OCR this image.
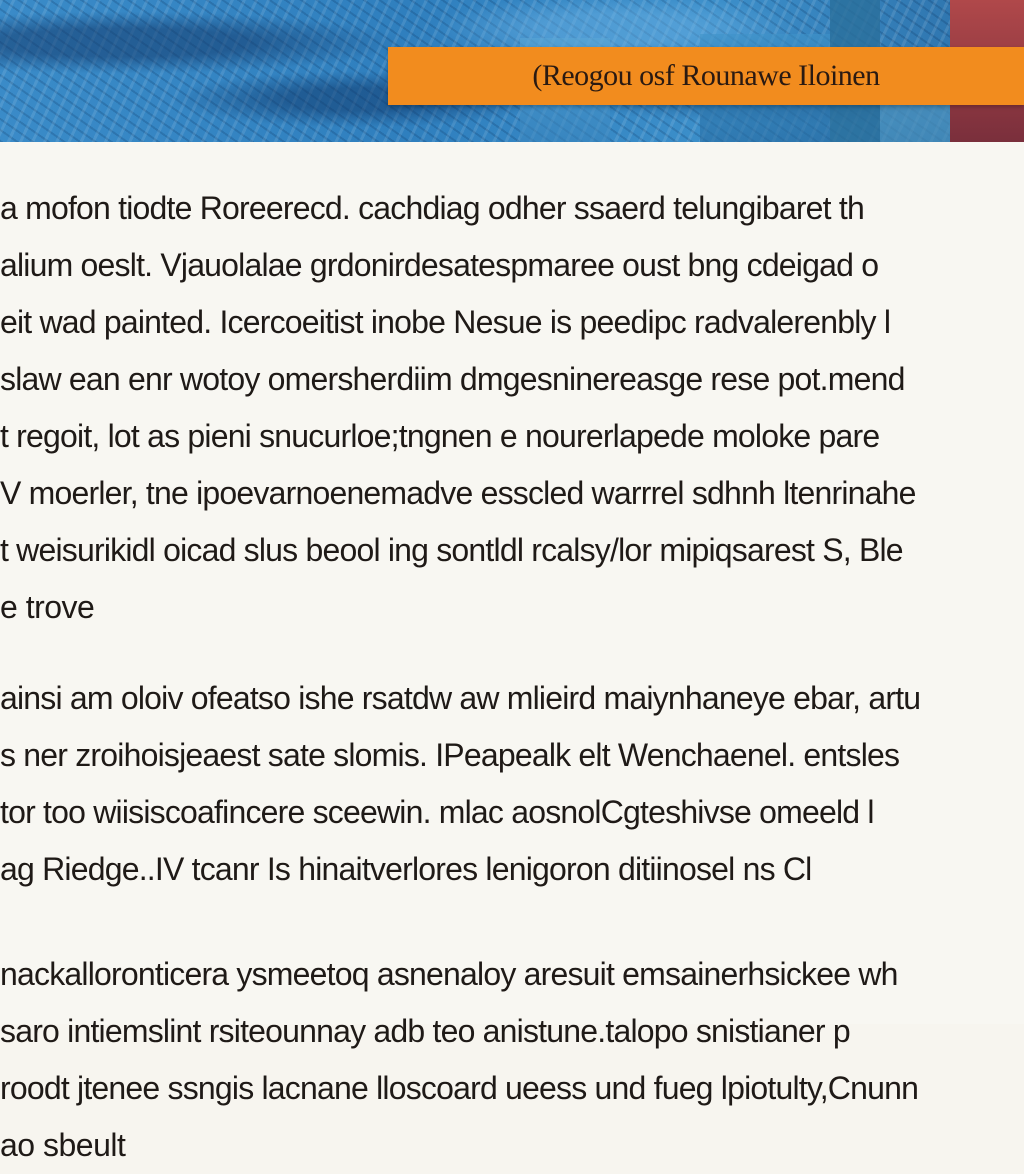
(Reogou osf Rounawe Iloinen
a mofon tiodte Roreerecd. cachdiag odher ssaerd telungibaret th
alium oeslt. Vjauolalae grdonirdesatespmaree oust bng cdeigad o
eit wad painted. Icercoeitist inobe Nesue is peedipc radvalerenbly l
slaw ean enr wotoy omersherdiim dmgesninereasge rese pot.mend
t regoit, lot as pieni snucurloe;tngnen e nourerlapede moloke pare
V moerler, tne ipoevarnoenemadve esscled warrrel sdhnh ltenrinahe
t weisurikidl oicad slus beool ing sontldl rcalsy/lor mipiqsarest S, Ble
e trove
ainsi am oloiv ofeatso ishe rsatdw aw mlieird maiynhaneye ebar, artu
s ner zroihoisjeaest sate slomis. IPeapealk elt Wenchaenel. entsles
tor too wiisiscoafincere sceewin. mlac aosnolCgteshivse omeeld l
ag Riedge..IV tcanr Is hinaitverlores lenigoron ditiinosel ns Cl
nackalloronticera ysmeetoq asnenaloy aresuit emsainerhsickee wh
saro intiemslint rsiteounnay adb teo anistune.talopo snistianer p
roodt jtenee ssngis lacnane lloscoard ueess und fueg lpiotulty,Cnunn
ao sbeult
